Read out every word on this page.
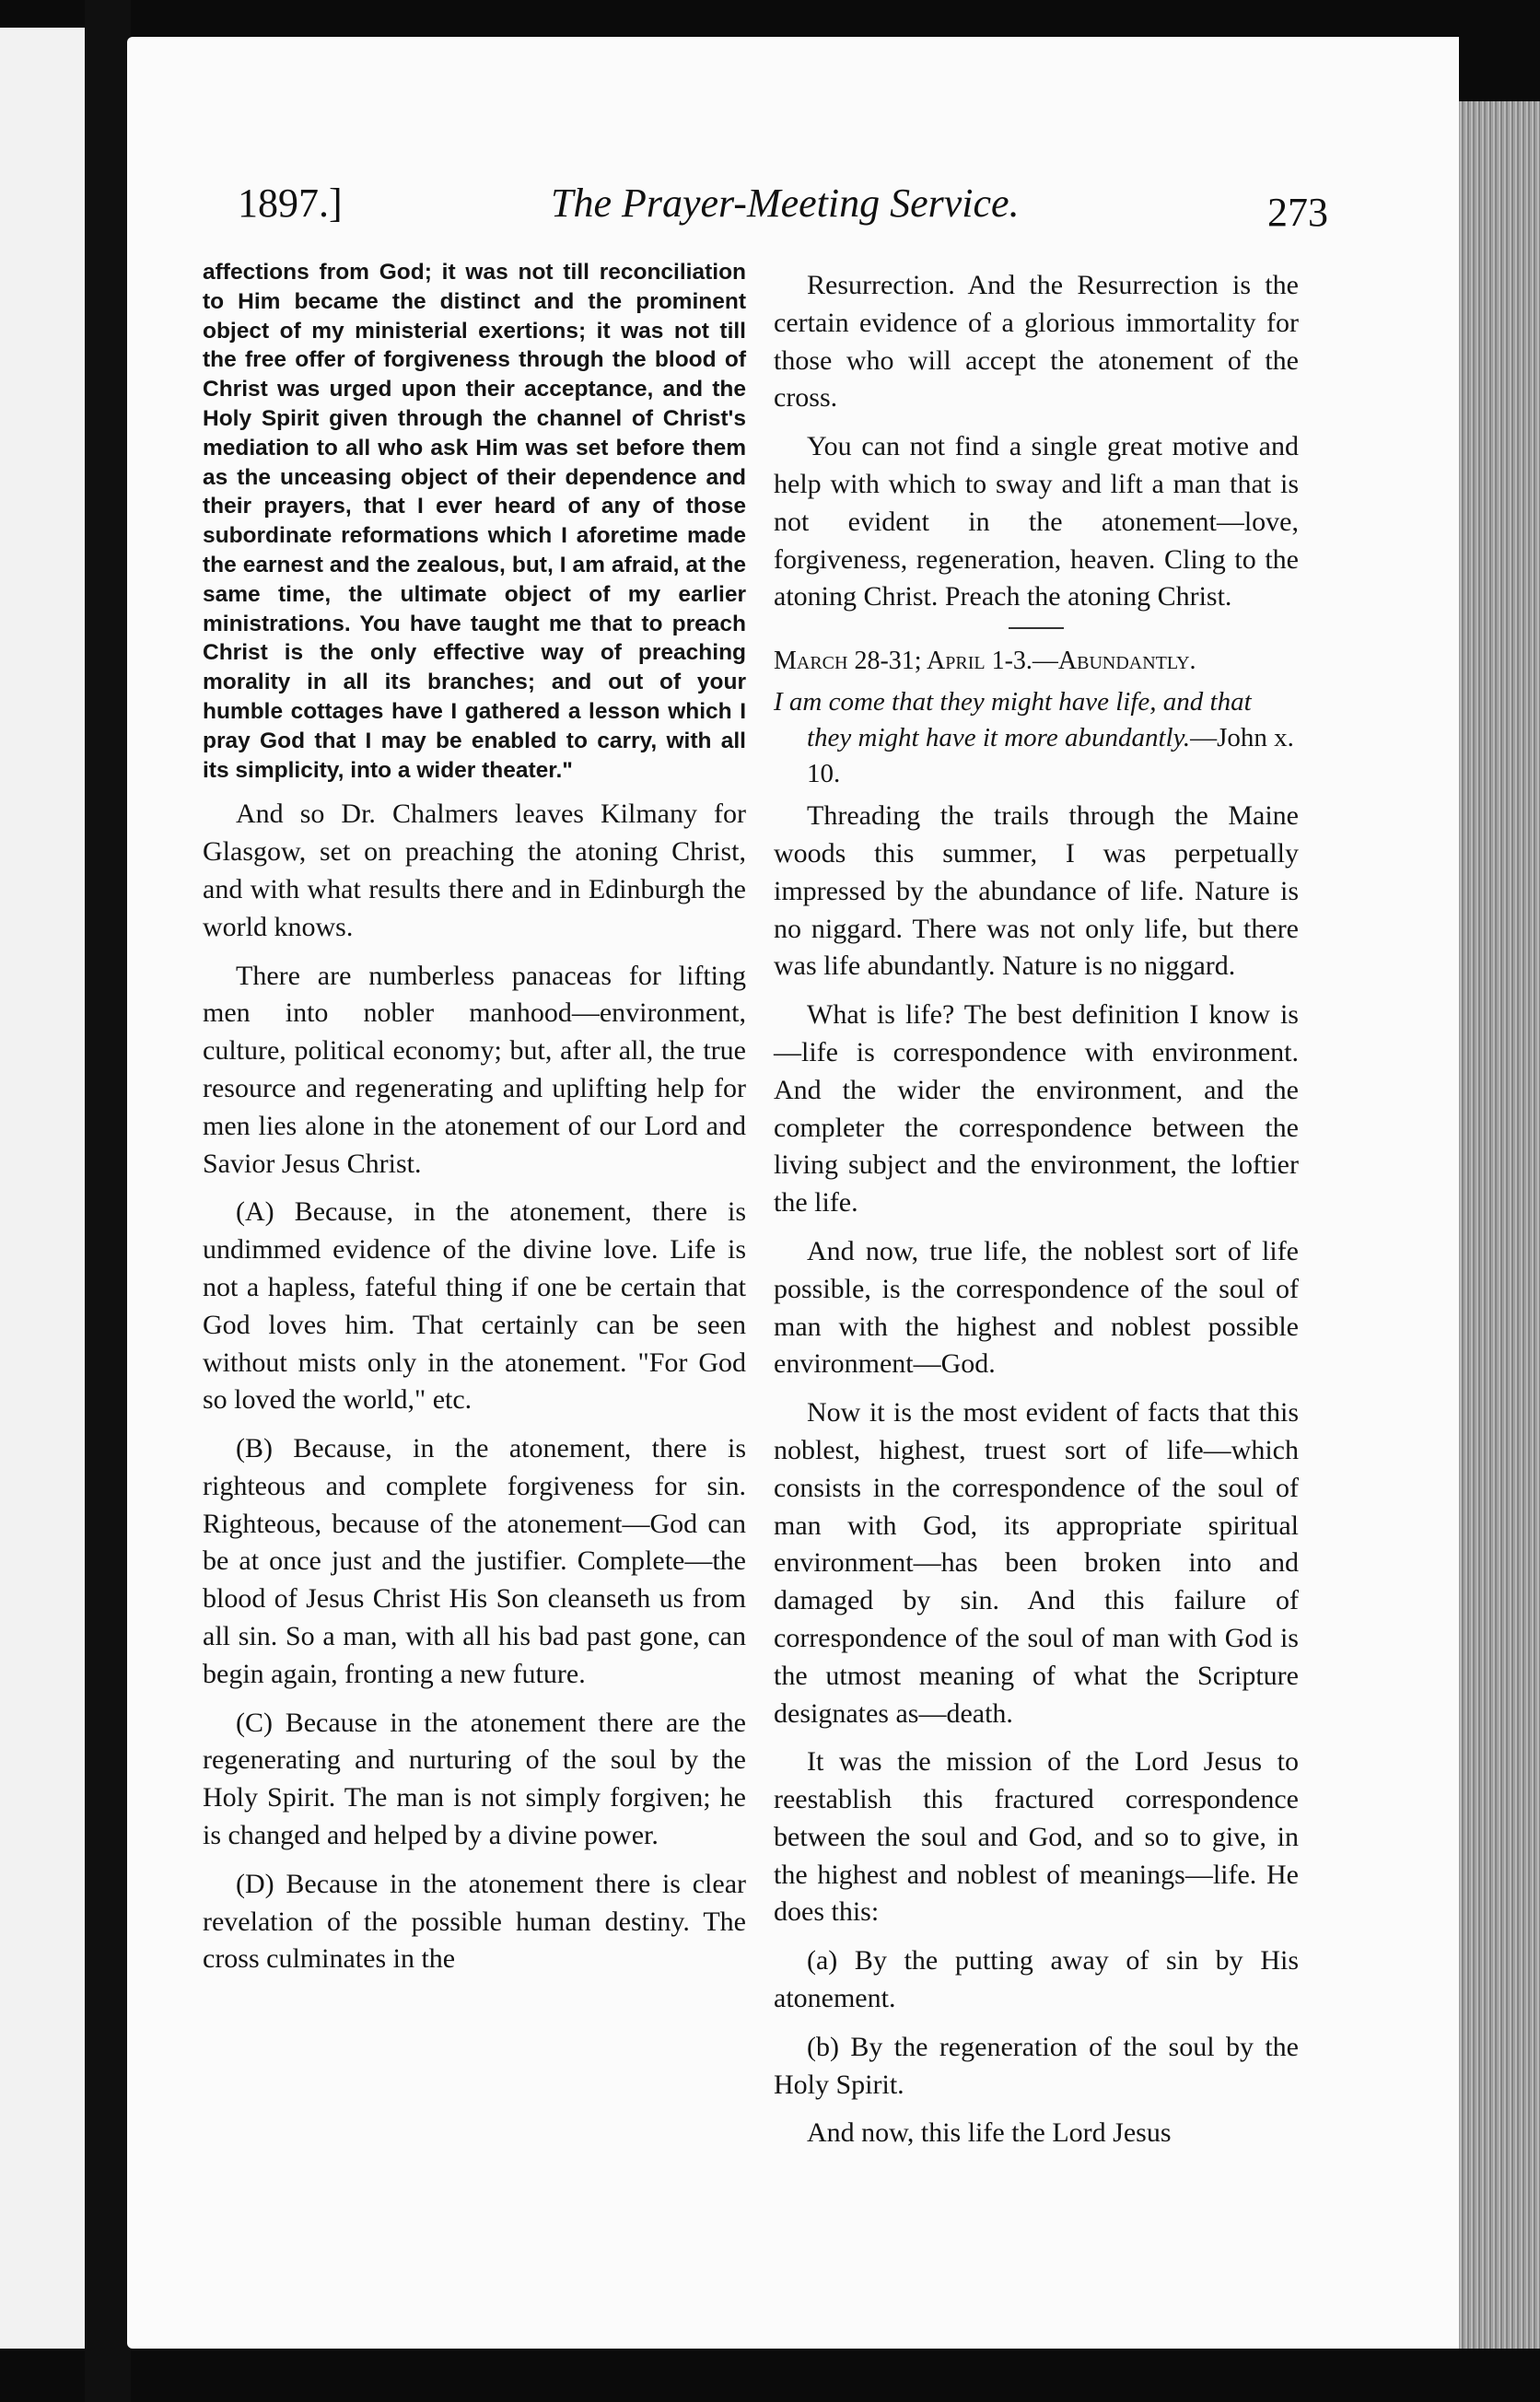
1897.]	The Prayer-Meeting Service.	273

affections from God; it was not till reconciliation to Him became the distinct and the prominent object of my ministerial exertions; it was not till the free offer of forgiveness through the blood of Christ was urged upon their acceptance, and the Holy Spirit given through the channel of Christ's mediation to all who ask Him was set before them as the unceasing object of their dependence and their prayers, that I ever heard of any of those subordinate reformations which I aforetime made the earnest and the zealous, but, I am afraid, at the same time, the ultimate object of my earlier ministrations. You have taught me that to preach Christ is the only effective way of preaching morality in all its branches; and out of your humble cottages have I gathered a lesson which I pray God that I may be enabled to carry, with all its simplicity, into a wider theater."

And so Dr. Chalmers leaves Kilmany for Glasgow, set on preaching the atoning Christ, and with what results there and in Edinburgh the world knows.

There are numberless panaceas for lifting men into nobler manhood—environment, culture, political economy; but, after all, the true resource and regenerating and uplifting help for men lies alone in the atonement of our Lord and Savior Jesus Christ.

(A) Because, in the atonement, there is undimmed evidence of the divine love. Life is not a hapless, fateful thing if one be certain that God loves him. That certainly can be seen without mists only in the atonement. "For God so loved the world," etc.

(B) Because, in the atonement, there is righteous and complete forgiveness for sin. Righteous, because of the atonement—God can be at once just and the justifier. Complete—the blood of Jesus Christ His Son cleanseth us from all sin. So a man, with all his bad past gone, can begin again, fronting a new future.

(C) Because in the atonement there are the regenerating and nurturing of the soul by the Holy Spirit. The man is not simply forgiven; he is changed and helped by a divine power.

(D) Because in the atonement there is clear revelation of the possible human destiny. The cross culminates in the

Resurrection. And the Resurrection is the certain evidence of a glorious immortality for those who will accept the atonement of the cross.

You can not find a single great motive and help with which to sway and lift a man that is not evident in the atonement—love, forgiveness, regeneration, heaven. Cling to the atoning Christ. Preach the atoning Christ.

March 28-31; April 1-3.—Abundantly.
I am come that they might have life, and that they might have it more abundantly.—John x. 10.

Threading the trails through the Maine woods this summer, I was perpetually impressed by the abundance of life. Nature is no niggard. There was not only life, but there was life abundantly. Nature is no niggard.

What is life? The best definition I know is—life is correspondence with environment. And the wider the environment, and the completer the correspondence between the living subject and the environment, the loftier the life.

And now, true life, the noblest sort of life possible, is the correspondence of the soul of man with the highest and noblest possible environment—God.

Now it is the most evident of facts that this noblest, highest, truest sort of life—which consists in the correspondence of the soul of man with God, its appropriate spiritual environment—has been broken into and damaged by sin. And this failure of correspondence of the soul of man with God is the utmost meaning of what the Scripture designates as—death.

It was the mission of the Lord Jesus to reestablish this fractured correspondence between the soul and God, and so to give, in the highest and noblest of meanings—life. He does this:

(a) By the putting away of sin by His atonement.

(b) By the regeneration of the soul by the Holy Spirit.

And now, this life the Lord Jesus
